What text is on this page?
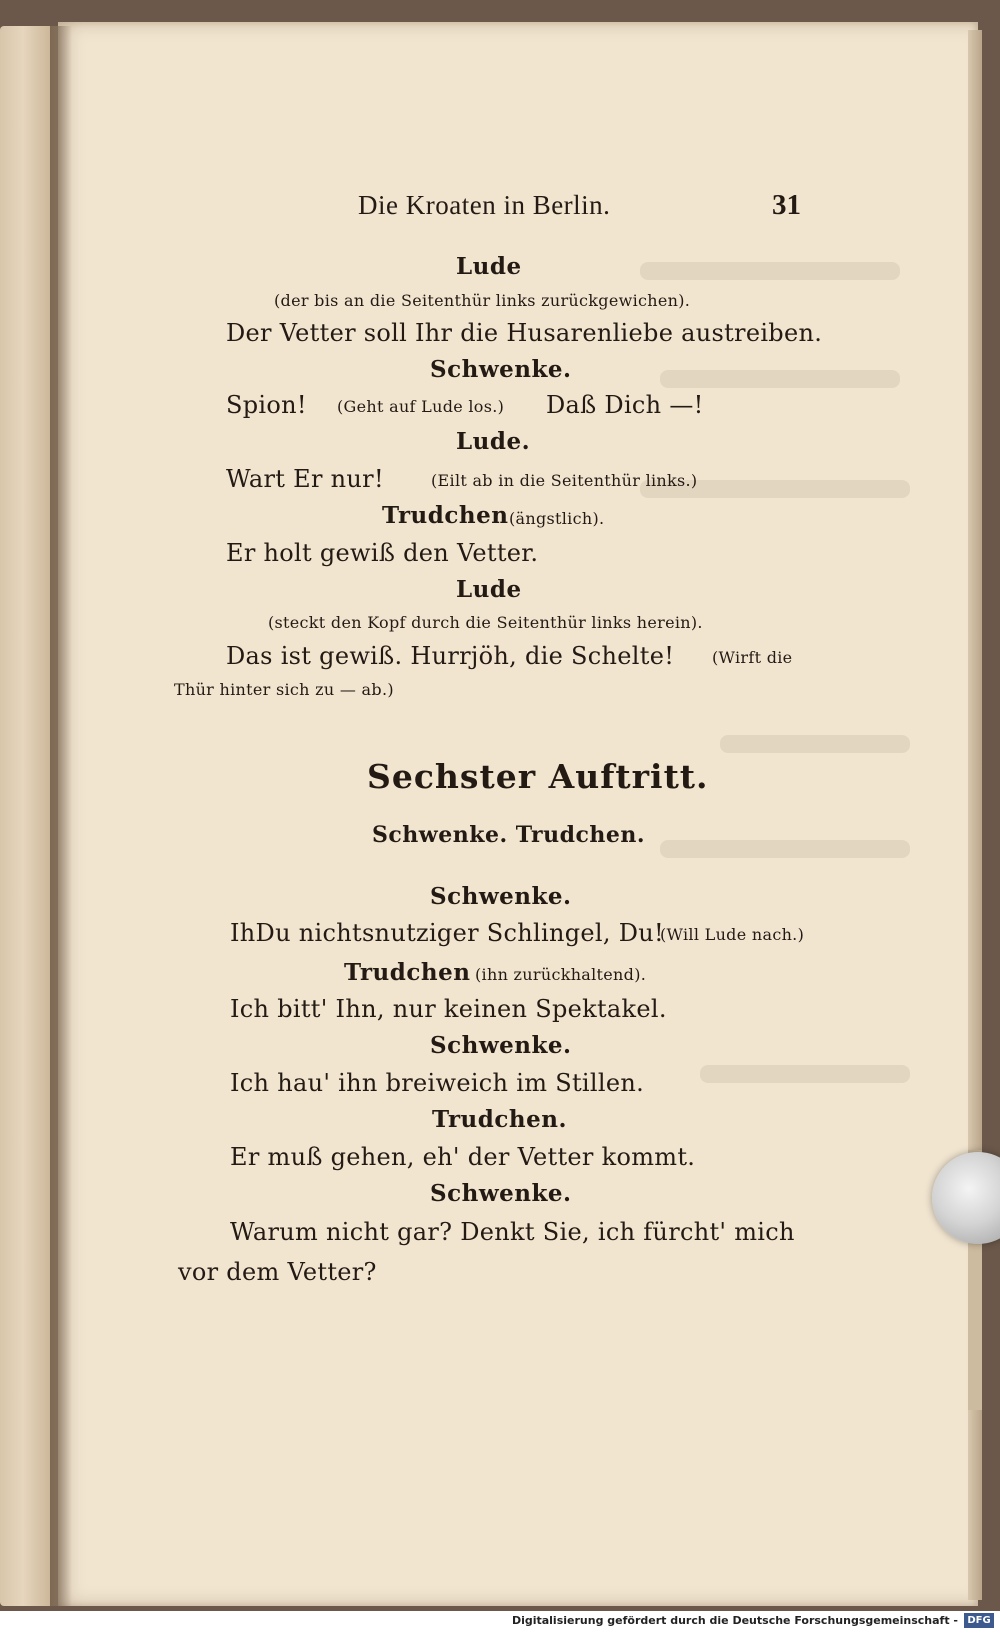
Die Kroaten in Berlin.	31
Lude
(der bis an die Seitenthür links zurückgewichen).
Der Vetter soll Ihr die Husarenliebe austreiben.
Schwenke.
Spion! (Geht auf Lude los.) Daß Dich —!
Lude.
Wart Er nur!	(Eilt ab in die Seitenthür links.)
Trudchen (ängstlich).
Er holt gewiß den Vetter.
Lude
(steckt den Kopf durch die Seitenthür links herein).
Das ist gewiß. Hurrjöh, die Schelte! (Wirft die
Thür hinter sich zu — ab.)
Sechster Auftritt.
Schwenke. Trudchen.
Schwenke.
IhDu nichtsnutziger Schlingel, Du!
(Will Lude nach.)
Trudchen (ihn zurückhaltend).
Ich bitt' Ihn, nur keinen Spektakel.
Schwenke.
Ich hau' ihn breiweich im Stillen.
Trudchen.
Er muß gehen, eh' der Vetter kommt.
Schwenke.
Warum nicht gar? Denkt Sie, ich fürcht' mich
vor dem Vetter?
Digitalisierung gefördert durch die Deutsche Forschungsgemeinschaft - DFG
